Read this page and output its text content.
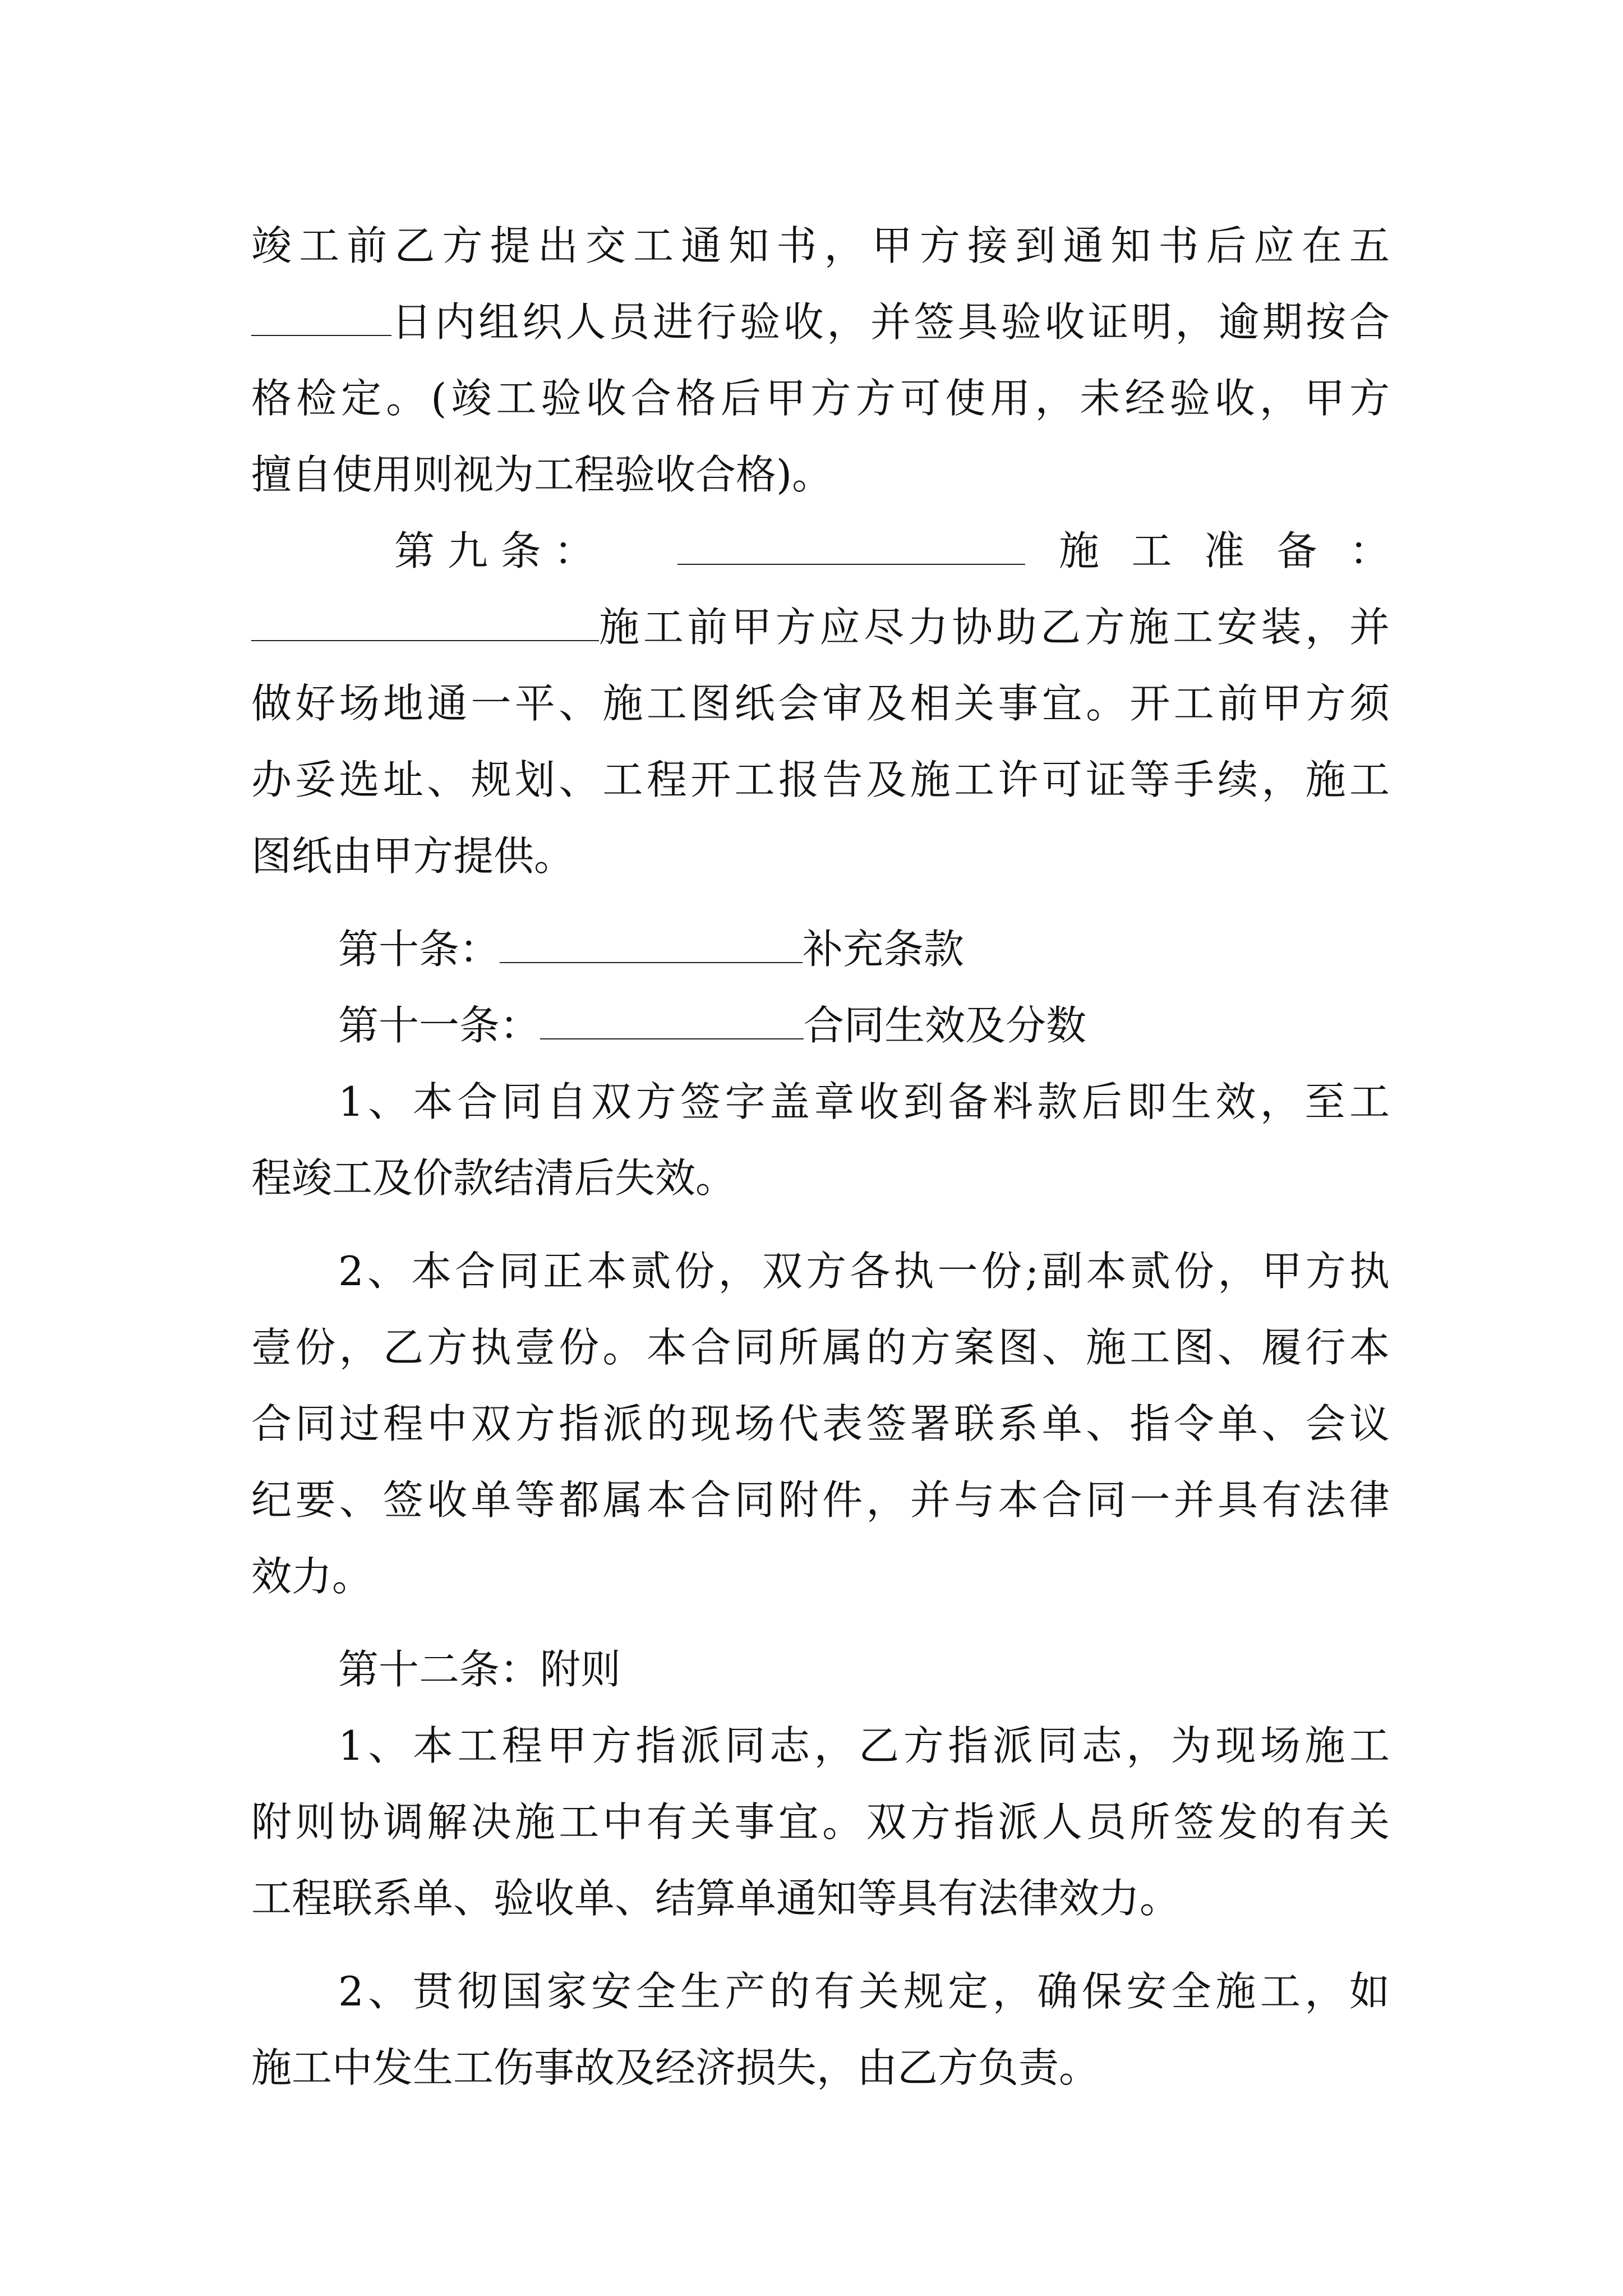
竣工前乙方提出交工通知书，甲方接到通知书后应在五
日内组织人员进行验收，并签具验收证明，逾期按合
格检定。(竣工验收合格后甲方方可使用，未经验收，甲方
擅自使用则视为工程验收合格)。
第 九 条 ：	施 工 准 备 ：
施工前甲方应尽力协助乙方施工安装，并
做好场地通一平、施工图纸会审及相关事宜。开工前甲方须
办妥选址、规划、工程开工报告及施工许可证等手续，施工
图纸由甲方提供。
第十条：	补充条款
第十一条：	合同生效及分数
1、本合同自双方签字盖章收到备料款后即生效，至工
程竣工及价款结清后失效。
2、本合同正本贰份，双方各执一份;副本贰份，甲方执
壹份，乙方执壹份。本合同所属的方案图、施工图、履行本
合同过程中双方指派的现场代表签署联系单、指令单、会议
纪要、签收单等都属本合同附件，并与本合同一并具有法律
效力。
第十二条：附则
1、本工程甲方指派同志，乙方指派同志，为现场施工
附则协调解决施工中有关事宜。双方指派人员所签发的有关
工程联系单、验收单、结算单通知等具有法律效力。
2、贯彻国家安全生产的有关规定，确保安全施工，如
施工中发生工伤事故及经济损失，由乙方负责。
